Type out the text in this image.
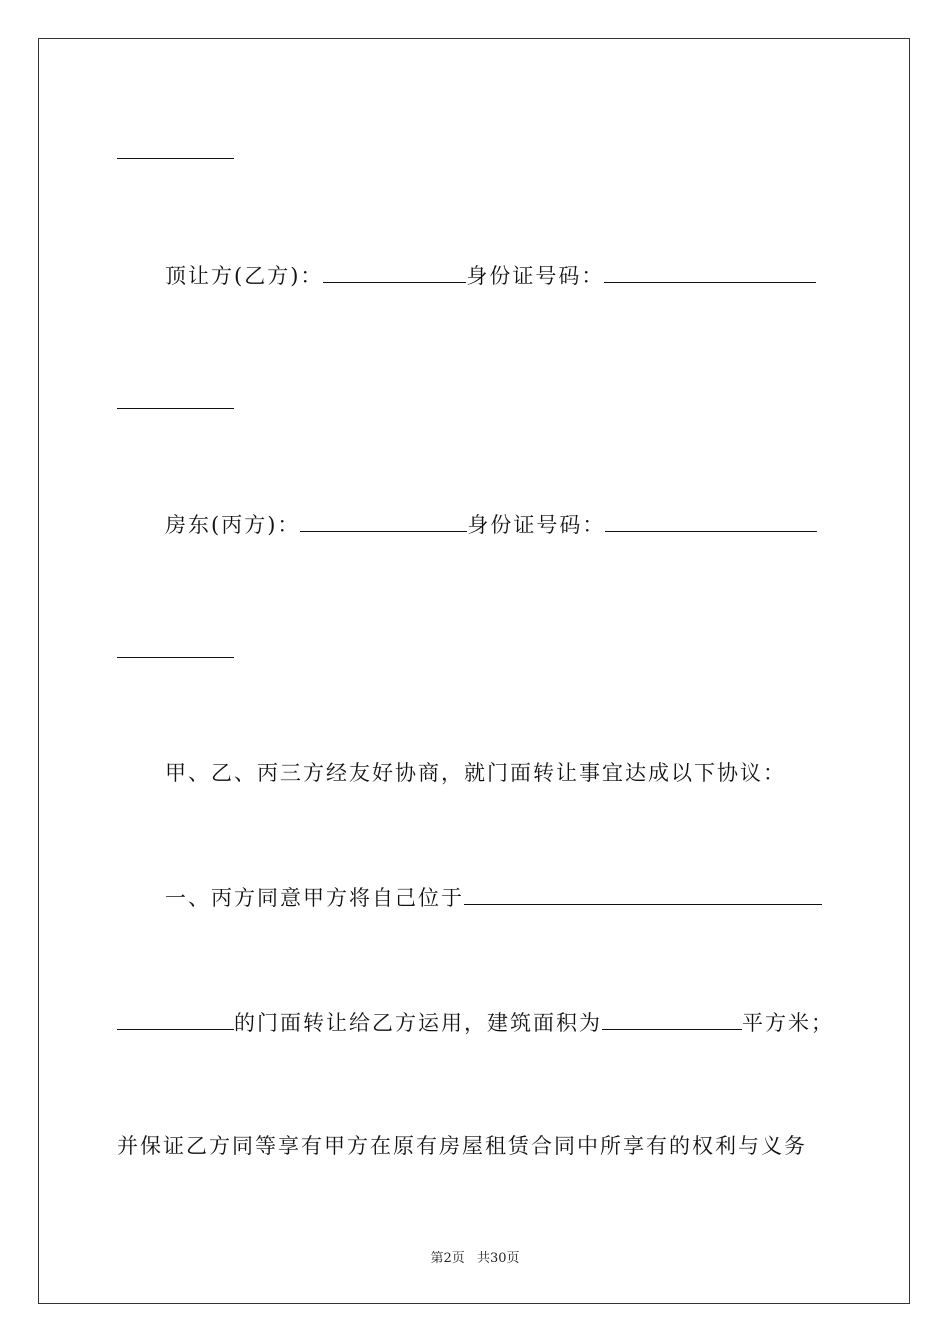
顶让方(乙方)：	身份证号码：
房东(丙方)：	身份证号码：
甲、乙、丙三方经友好协商，就门面转让事宜达成以下协议：
一、丙方同意甲方将自己位于
的门面转让给乙方运用，建筑面积为	平方米；
并保证乙方同等享有甲方在原有房屋租赁合同中所享有的权利与义务
第2页 共30页
